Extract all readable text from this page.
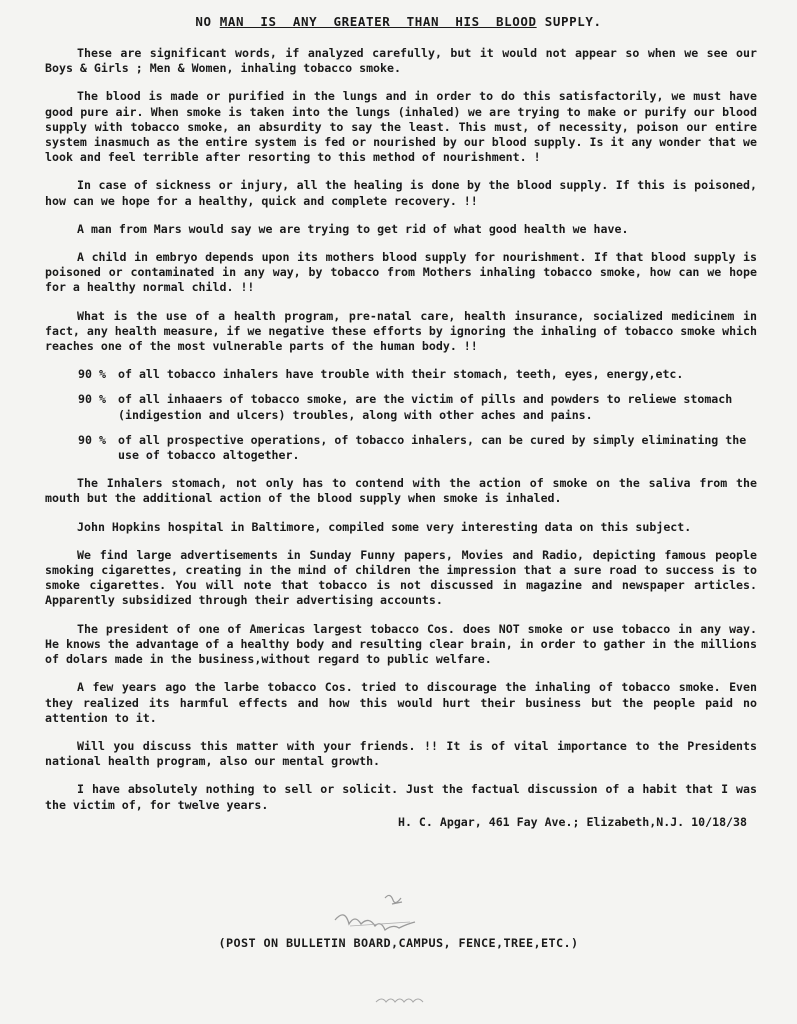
NO MAN  IS  ANY  GREATER  THAN  HIS  BLOOD SUPPLY.

These are significant words, if analyzed carefully, but it would not appear so when we see our Boys & Girls ; Men & Women, inhaling tobacco smoke.

The blood is made or purified in the lungs and in order to do this satisfactorily, we must have good pure air. When smoke is taken into the lungs (inhaled) we are trying to make or purify our blood supply with tobacco smoke, an absurdity to say the least. This must, of necessity, poison our entire system inasmuch as the entire system is fed or nourished by our blood supply. Is it any wonder that we look and feel terrible after resorting to this method of nourishment. !

In case of sickness or injury, all the healing is done by the blood supply. If this is poisoned, how can we hope for a healthy, quick and complete recovery. !!

A man from Mars would say we are trying to get rid of what good health we have.

A child in embryo depends upon its mothers blood supply for nourishment. If that blood supply is poisoned or contaminated in any way, by tobacco from Mothers inhaling tobacco smoke, how can we hope for a healthy normal child. !!

What is the use of a health program, pre-natal care, health insurance, socialized medicinem in fact, any health measure, if we negative these efforts by ignoring the inhaling of tobacco smoke which reaches one of the most vulnerable parts of the human body. !!

90 %	of all tobacco inhalers have trouble with their stomach, teeth, eyes, energy,etc.
90 %	of all inhaaers of tobacco smoke, are the victim of pills and powders to reliewe stomach (indigestion and ulcers) troubles, along with other aches and pains.
90 %	of all prospective operations, of tobacco inhalers, can be cured by simply eliminating the use of tobacco altogether.

The Inhalers stomach, not only has to contend with the action of smoke on the saliva from the mouth but the additional action of the blood supply when smoke is inhaled.

John Hopkins hospital in Baltimore, compiled some very interesting data on this subject.

We find large advertisements in Sunday Funny papers, Movies and Radio, depicting famous people smoking cigarettes, creating in the mind of children the impression that a sure road to success is to smoke cigarettes. You will note that tobacco is not discussed in magazine and newspaper articles. Apparently subsidized through their advertising accounts.

The president of one of Americas largest tobacco Cos. does NOT smoke or use tobacco in any way. He knows the advantage of a healthy body and resulting clear brain, in order to gather in the millions of dolars made in the business,without regard to public welfare.

A few years ago the larbe tobacco Cos. tried to discourage the inhaling of tobacco smoke. Even they realized its harmful effects and how this would hurt their business but the people paid no attention to it.

Will you discuss this matter with your friends. !! It is of vital importance to the Presidents national health program, also our mental growth.

I have absolutely nothing to sell or solicit. Just the factual discussion of a habit that I was the victim of, for twelve years.

H. C. Apgar, 461 Fay Ave.; Elizabeth,N.J. 10/18/38
(POST ON BULLETIN BOARD,CAMPUS, FENCE,TREE,ETC.)
